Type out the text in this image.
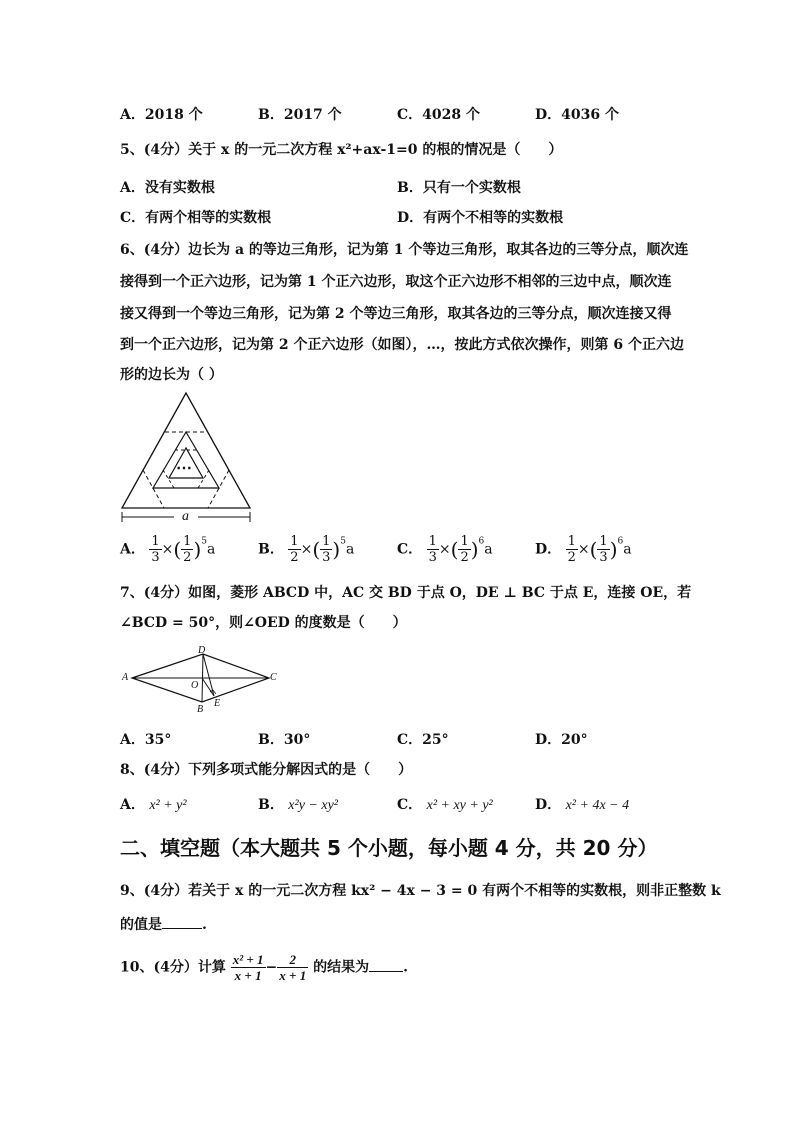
A．2018 个	B．2017 个	C．4028 个	D．4036 个
5、(4分）关于 x 的一元二次方程 x²+ax-1=0 的根的情况是（　　）
A．没有实数根	B．只有一个实数根
C．有两个相等的实数根	D．有两个不相等的实数根
6、(4分）边长为 a 的等边三角形，记为第 1 个等边三角形，取其各边的三等分点，顺次连
接得到一个正六边形，记为第 1 个正六边形，取这个正六边形不相邻的三边中点，顺次连
接又得到一个等边三角形，记为第 2 个等边三角形，取其各边的三等分点，顺次连接又得
到一个正六边形，记为第 2 个正六边形（如图），…，按此方式依次操作，则第 6 个正六边
形的边长为（ ）
⋯
a
A． $\frac{1}{3}$ ×( $\frac{1}{2} )^5a$	B． $\frac{1}{2}$ ×( $\frac{1}{3} )^5a$	C． $\frac{1}{3}$ ×( $\frac{1}{2} )^6a$	D． $\frac{1}{2}$ ×( $\frac{1}{3} )^6a$
7、(4分）如图，菱形 ABCD 中，AC 交 BD 于点 O，DE ⊥ BC 于点 E，连接 OE，若
∠BCD = 50°，则∠OED 的度数是（　　）
A
D
C
B
O
E
A．35°	B．30°	C．25°	D．20°
8、(4分）下列多项式能分解因式的是（　　）
A． x² + y²	B． x²y − xy²	C． x² + xy + y²	D． x² + 4x − 4
二、填空题（本大题共 5 个小题，每小题 4 分，共 20 分）
9、(4分）若关于 x 的一元二次方程 kx² − 4x − 3 = 0 有两个不相等的实数根，则非正整数 k
的值是	.
10、(4分）计算 $\frac{\text{x² + 1}}{x + 1} - \frac{2}{x + 1}$ 的结果为 .
